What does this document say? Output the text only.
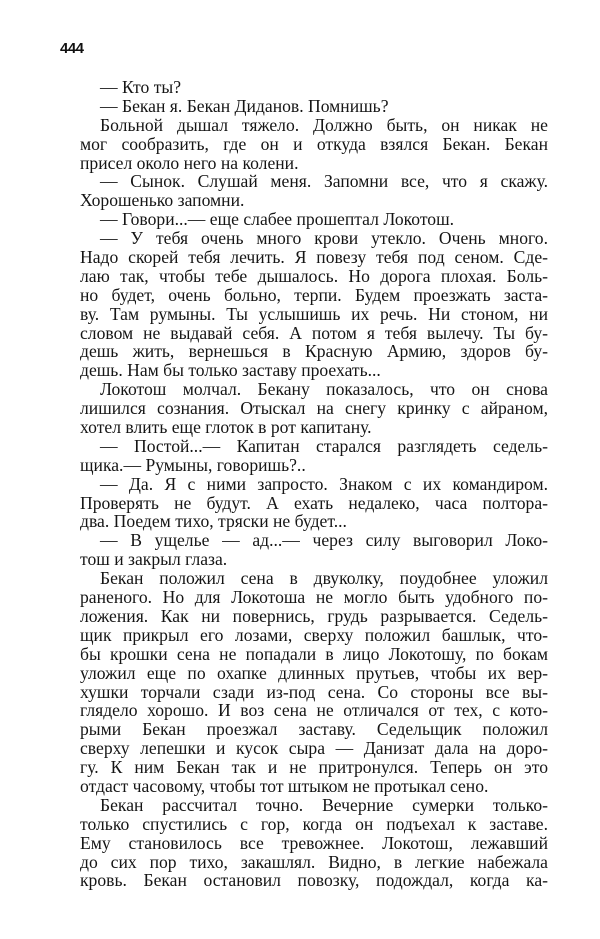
444
— Кто ты?
— Бекан я. Бекан Диданов. Помнишь?
Больной дышал тяжело. Должно быть, он никак не
мог сообразить, где он и откуда взялся Бекан. Бекан
присел около него на колени.
— Сынок. Слушай меня. Запомни все, что я скажу.
Хорошенько запомни.
— Говори...— еще слабее прошептал Локотош.
— У тебя очень много крови утекло. Очень много.
Надо скорей тебя лечить. Я повезу тебя под сеном. Сде-
лаю так, чтобы тебе дышалось. Но дорога плохая. Боль-
но будет, очень больно, терпи. Будем проезжать заста-
ву. Там румыны. Ты услышишь их речь. Ни стоном, ни
словом не выдавай себя. А потом я тебя вылечу. Ты бу-
дешь жить, вернешься в Красную Армию, здоров бу-
дешь. Нам бы только заставу проехать...
Локотош молчал. Бекану показалось, что он снова
лишился сознания. Отыскал на снегу кринку с айраном,
хотел влить еще глоток в рот капитану.
— Постой...— Капитан старался разглядеть седель-
щика.— Румыны, говоришь?..
— Да. Я с ними запросто. Знаком с их командиром.
Проверять не будут. А ехать недалеко, часа полтора-
два. Поедем тихо, тряски не будет...
— В ущелье — ад...— через силу выговорил Локо-
тош и закрыл глаза.
Бекан положил сена в двуколку, поудобнее уложил
раненого. Но для Локотоша не могло быть удобного по-
ложения. Как ни повернись, грудь разрывается. Седель-
щик прикрыл его лозами, сверху положил башлык, что-
бы крошки сена не попадали в лицо Локотошу, по бокам
уложил еще по охапке длинных прутьев, чтобы их вер-
хушки торчали сзади из-под сена. Со стороны все вы-
глядело хорошо. И воз сена не отличался от тех, с кото-
рыми Бекан проезжал заставу. Седельщик положил
сверху лепешки и кусок сыра — Данизат дала на доро-
гу. К ним Бекан так и не притронулся. Теперь он это
отдаст часовому, чтобы тот штыком не протыкал сено.
Бекан рассчитал точно. Вечерние сумерки только-
только спустились с гор, когда он подъехал к заставе.
Ему становилось все тревожнее. Локотош, лежавший
до сих пор тихо, закашлял. Видно, в легкие набежала
кровь. Бекан остановил повозку, подождал, когда ка-
